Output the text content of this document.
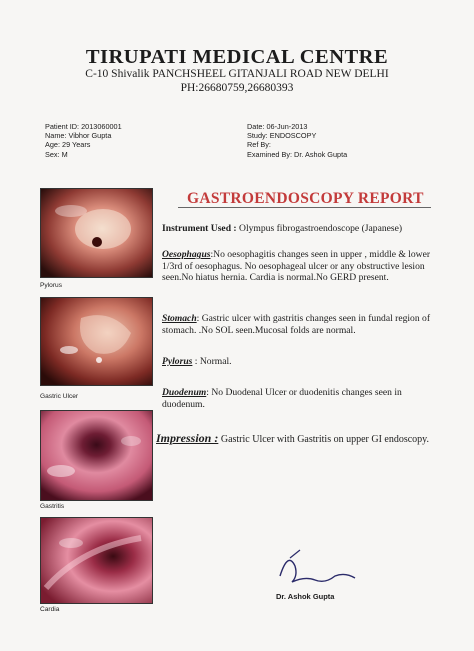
TIRUPATI MEDICAL CENTRE
C-10 Shivalik PANCHSHEEL GITANJALI ROAD NEW DELHI
PH:26680759,26680393
Patient ID: 2013060001
Name: Vibhor Gupta
Age: 29 Years
Sex: M
Date: 06-Jun-2013
Study: ENDOSCOPY
Ref By:
Examined By: Dr. Ashok Gupta
Pylorus
Gastric Ulcer
Gastritis
Cardia
GASTROENDOSCOPY REPORT
Instrument Used : Olympus fibrogastroendoscope (Japanese)
Oesophagus:No oesophagitis changes seen in upper , middle & lower 1/3rd of oesophagus. No oesophageal ulcer or any obstructive lesion seen.No hiatus hernia. Cardia is normal.No GERD present.
Stomach: Gastric ulcer with gastritis changes seen in fundal region of stomach. .No SOL seen.Mucosal folds are normal.
Pylorus : Normal.
Duodenum: No Duodenal Ulcer or duodenitis changes seen in duodenum.
Impression : Gastric Ulcer with Gastritis on upper GI endoscopy.
Dr. Ashok Gupta
